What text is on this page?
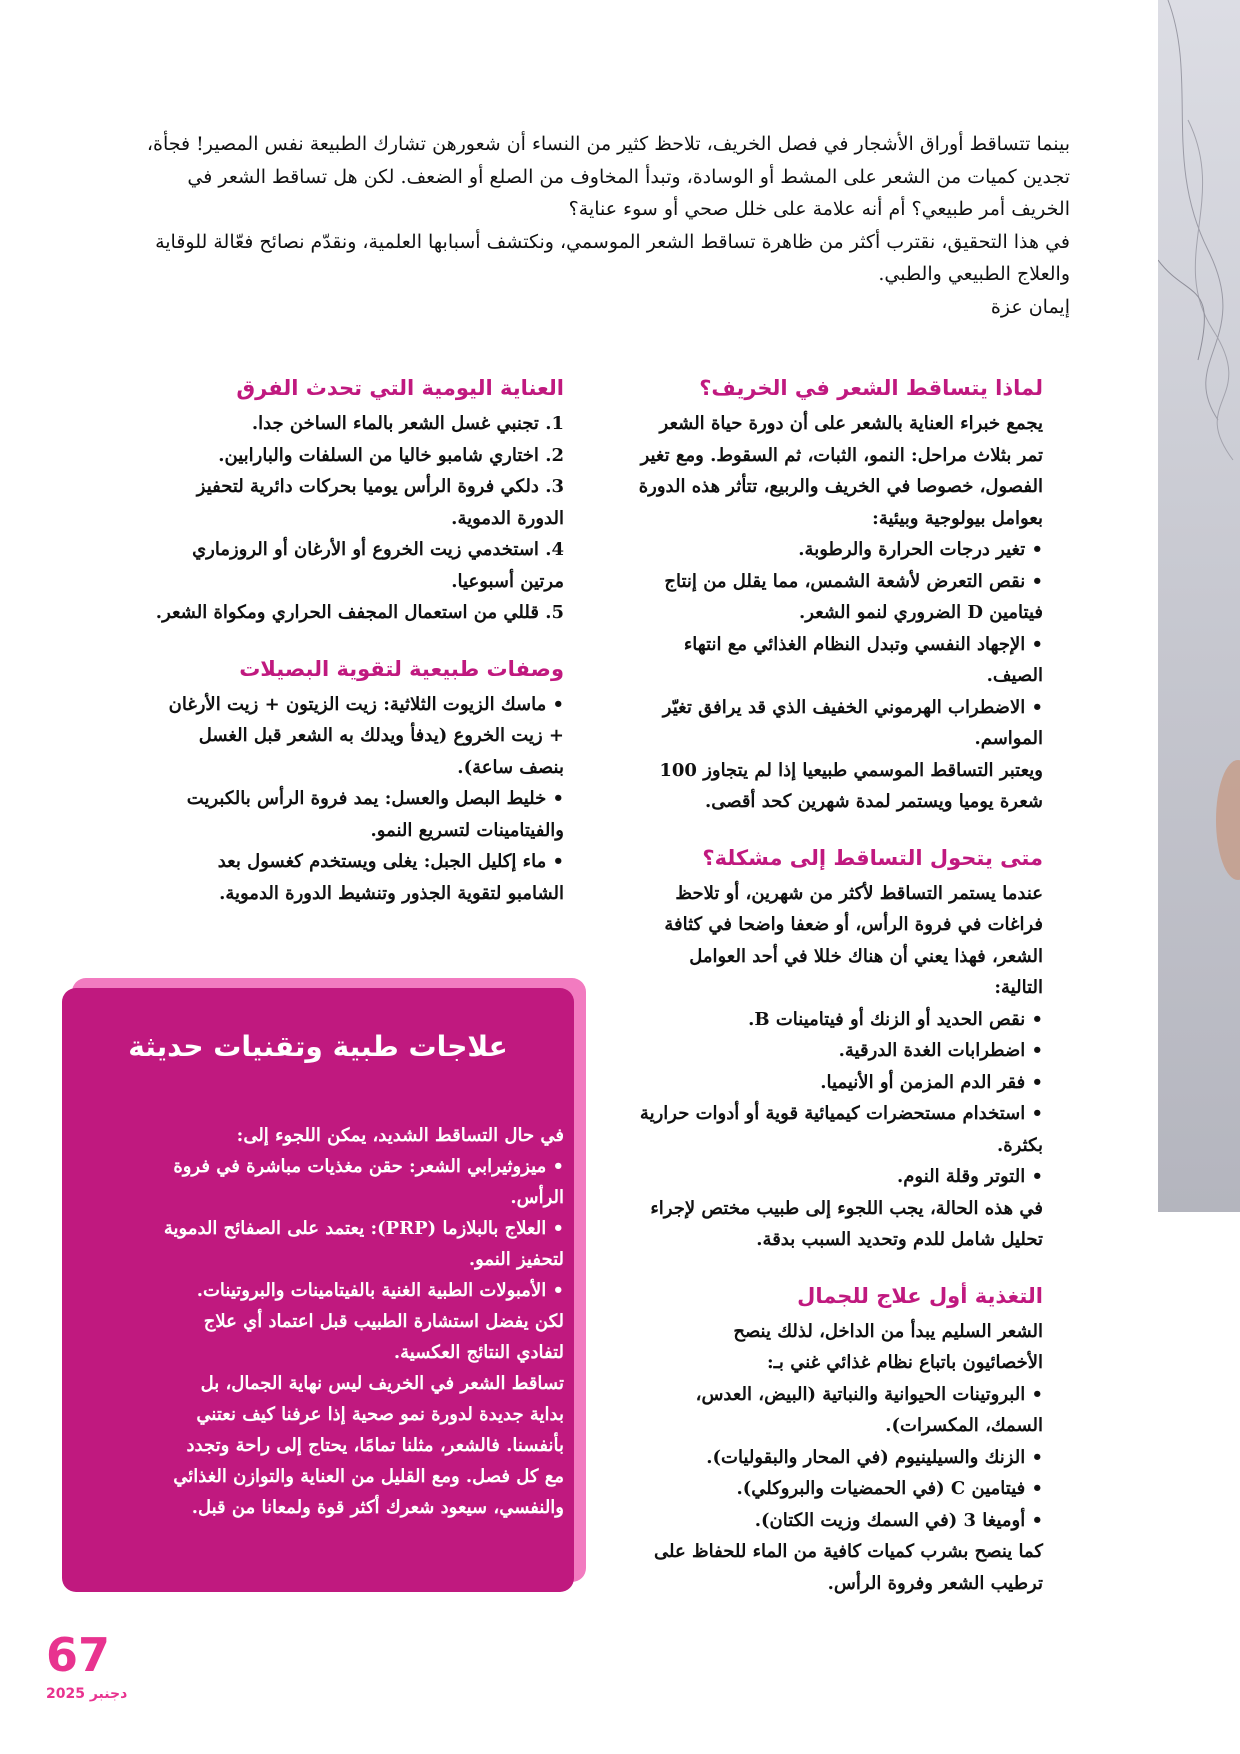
بينما تتساقط أوراق الأشجار في فصل الخريف، تلاحظ كثير من النساء أن شعورهن تشارك الطبيعة نفس المصير! فجأة،

تجدين كميات من الشعر على المشط أو الوسادة، وتبدأ المخاوف من الصلع أو الضعف. لكن هل تساقط الشعر في

الخريف أمر طبيعي؟ أم أنه علامة على خلل صحي أو سوء عناية؟

في هذا التحقيق، نقترب أكثر من ظاهرة تساقط الشعر الموسمي، ونكتشف أسبابها العلمية، ونقدّم نصائح فعّالة للوقاية

والعلاج الطبيعي والطبي.

إيمان عزة

لماذا يتساقط الشعر في الخريف؟

يجمع خبراء العناية بالشعر على أن دورة حياة الشعر

تمر بثلاث مراحل: النمو، الثبات، ثم السقوط. ومع تغير

الفصول، خصوصا في الخريف والربيع، تتأثر هذه الدورة

بعوامل بيولوجية وبيئية:

• تغير درجات الحرارة والرطوبة.

• نقص التعرض لأشعة الشمس، مما يقلل من إنتاج

فيتامين D الضروري لنمو الشعر.

• الإجهاد النفسي وتبدل النظام الغذائي مع انتهاء

الصيف.

• الاضطراب الهرموني الخفيف الذي قد يرافق تغيّر

المواسم.

ويعتبر التساقط الموسمي طبيعيا إذا لم يتجاوز 100

شعرة يوميا ويستمر لمدة شهرين كحد أقصى.

متى يتحول التساقط إلى مشكلة؟

عندما يستمر التساقط لأكثر من شهرين، أو تلاحظ

فراغات في فروة الرأس، أو ضعفا واضحا في كثافة

الشعر، فهذا يعني أن هناك خللا في أحد العوامل

التالية:

• نقص الحديد أو الزنك أو فيتامينات B.

• اضطرابات الغدة الدرقية.

• فقر الدم المزمن أو الأنيميا.

• استخدام مستحضرات كيميائية قوية أو أدوات حرارية

بكثرة.

• التوتر وقلة النوم.

في هذه الحالة، يجب اللجوء إلى طبيب مختص لإجراء

تحليل شامل للدم وتحديد السبب بدقة.

التغذية أول علاج للجمال

الشعر السليم يبدأ من الداخل، لذلك ينصح

الأخصائيون باتباع نظام غذائي غني بـ:

• البروتينات الحيوانية والنباتية (البيض، العدس،

السمك، المكسرات).

• الزنك والسيلينيوم (في المحار والبقوليات).

• فيتامين C (في الحمضيات والبروكلي).

• أوميغا 3 (في السمك وزيت الكتان).

كما ينصح بشرب كميات كافية من الماء للحفاظ على

ترطيب الشعر وفروة الرأس.

العناية اليومية التي تحدث الفرق

1. تجنبي غسل الشعر بالماء الساخن جدا.

2. اختاري شامبو خاليا من السلفات والبارابين.

3. دلكي فروة الرأس يوميا بحركات دائرية لتحفيز

الدورة الدموية.

4. استخدمي زيت الخروع أو الأرغان أو الروزماري

مرتين أسبوعيا.

5. قللي من استعمال المجفف الحراري ومكواة الشعر.

وصفات طبيعية لتقوية البصيلات

• ماسك الزيوت الثلاثية: زيت الزيتون + زيت الأرغان

+ زيت الخروع (يدفأ ويدلك به الشعر قبل الغسل

بنصف ساعة).

• خليط البصل والعسل: يمد فروة الرأس بالكبريت

والفيتامينات لتسريع النمو.

• ماء إكليل الجبل: يغلى ويستخدم كغسول بعد

الشامبو لتقوية الجذور وتنشيط الدورة الدموية.

علاجات طبية وتقنيات حديثة

في حال التساقط الشديد، يمكن اللجوء إلى:

• ميزوثيرابي الشعر: حقن مغذيات مباشرة في فروة

الرأس.

• العلاج بالبلازما (PRP): يعتمد على الصفائح الدموية

لتحفيز النمو.

• الأمبولات الطبية الغنية بالفيتامينات والبروتينات.

لكن يفضل استشارة الطبيب قبل اعتماد أي علاج

لتفادي النتائج العكسية.

تساقط الشعر في الخريف ليس نهاية الجمال، بل

بداية جديدة لدورة نمو صحية إذا عرفنا كيف نعتني

بأنفسنا. فالشعر، مثلنا تمامًا، يحتاج إلى راحة وتجدد

مع كل فصل. ومع القليل من العناية والتوازن الغذائي

والنفسي، سيعود شعرك أكثر قوة ولمعانا من قبل.

67
دجنبر 2025
